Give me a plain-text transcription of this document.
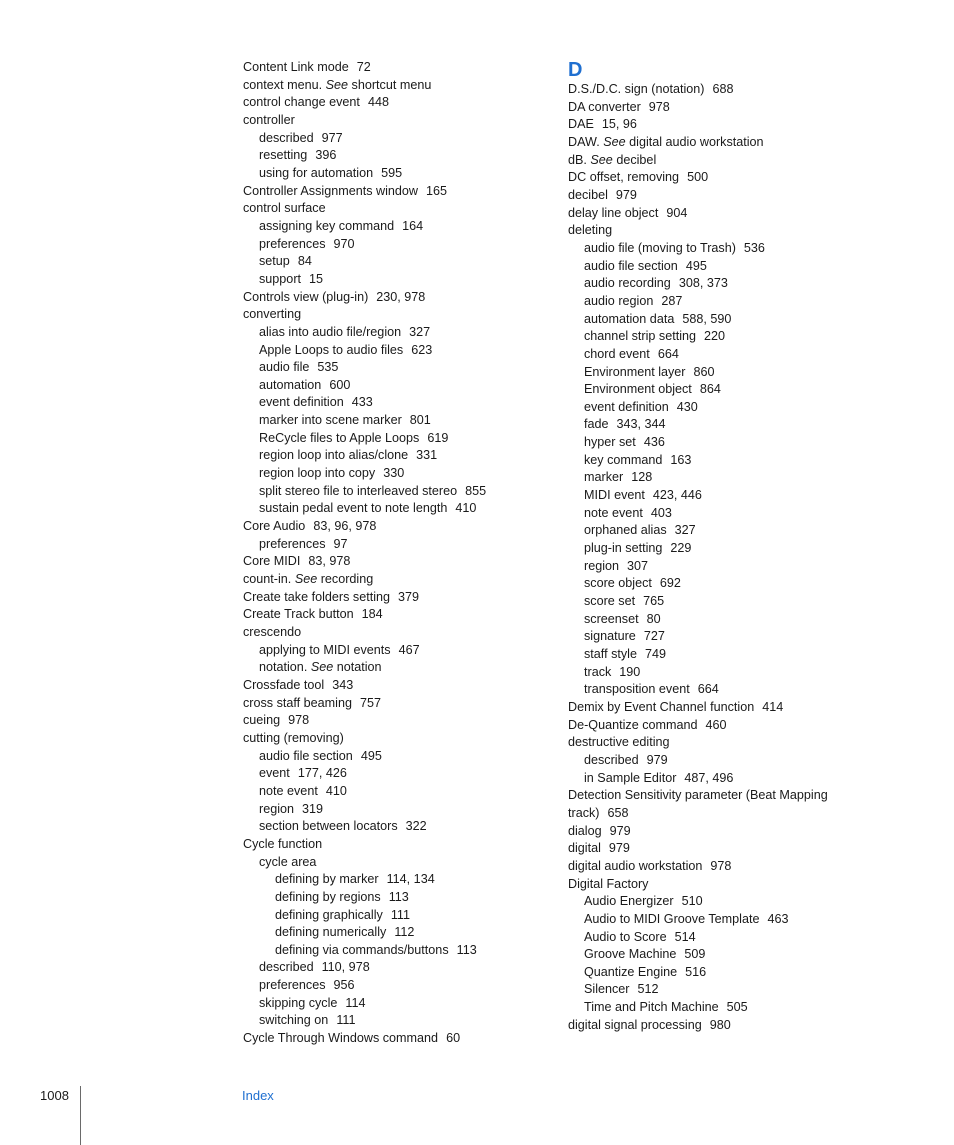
Content Link mode 72
context menu. See shortcut menu
control change event 448
controller
described 977
resetting 396
using for automation 595
Controller Assignments window 165
control surface
assigning key command 164
preferences 970
setup 84
support 15
Controls view (plug-in) 230, 978
converting
alias into audio file/region 327
Apple Loops to audio files 623
audio file 535
automation 600
event definition 433
marker into scene marker 801
ReCycle files to Apple Loops 619
region loop into alias/clone 331
region loop into copy 330
split stereo file to interleaved stereo 855
sustain pedal event to note length 410
Core Audio 83, 96, 978
preferences 97
Core MIDI 83, 978
count-in. See recording
Create take folders setting 379
Create Track button 184
crescendo
applying to MIDI events 467
notation. See notation
Crossfade tool 343
cross staff beaming 757
cueing 978
cutting (removing)
audio file section 495
event 177, 426
note event 410
region 319
section between locators 322
Cycle function
cycle area
defining by marker 114, 134
defining by regions 113
defining graphically 111
defining numerically 112
defining via commands/buttons 113
described 110, 978
preferences 956
skipping cycle 114
switching on 111
Cycle Through Windows command 60
D
D.S./D.C. sign (notation) 688
DA converter 978
DAE 15, 96
DAW. See digital audio workstation
dB. See decibel
DC offset, removing 500
decibel 979
delay line object 904
deleting
audio file (moving to Trash) 536
audio file section 495
audio recording 308, 373
audio region 287
automation data 588, 590
channel strip setting 220
chord event 664
Environment layer 860
Environment object 864
event definition 430
fade 343, 344
hyper set 436
key command 163
marker 128
MIDI event 423, 446
note event 403
orphaned alias 327
plug-in setting 229
region 307
score object 692
score set 765
screenset 80
signature 727
staff style 749
track 190
transposition event 664
Demix by Event Channel function 414
De-Quantize command 460
destructive editing
described 979
in Sample Editor 487, 496
Detection Sensitivity parameter (Beat Mapping track) 658
dialog 979
digital 979
digital audio workstation 978
Digital Factory
Audio Energizer 510
Audio to MIDI Groove Template 463
Audio to Score 514
Groove Machine 509
Quantize Engine 516
Silencer 512
Time and Pitch Machine 505
digital signal processing 980
1008	Index
